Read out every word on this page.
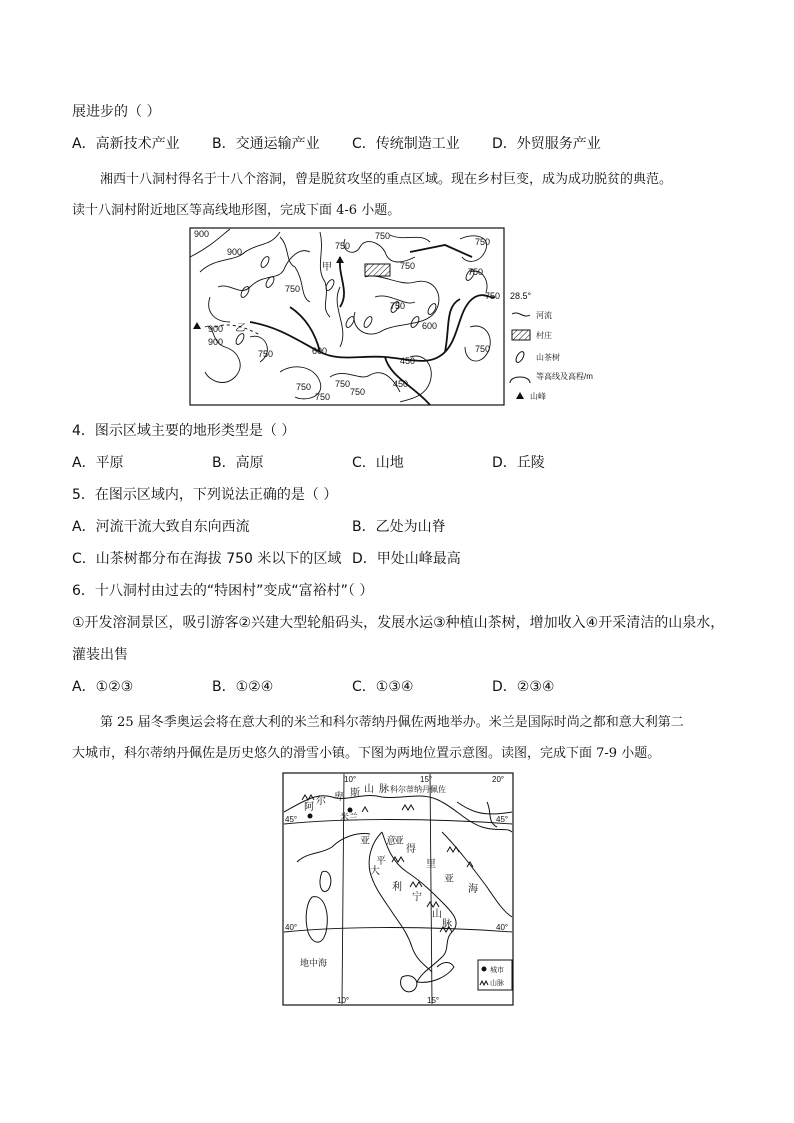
展进步的（ ）
A．高新技术产业 B．交通运输产业 C．传统制造工业 D．外贸服务产业
湘西十八洞村得名于十八个溶洞，曾是脱贫攻坚的重点区域。现在乡村巨变，成为成功脱贫的典范。
读十八洞村附近地区等高线地形图，完成下面 4-6 小题。
900
900
900
750
750
750
750
750
750
750
750
600
600
450
450
750
750	750
750
750
900
750
甲
乙
28.5°
河流
村庄
山茶树
等高线及高程/m
山峰
4．图示区域主要的地形类型是（ ）
A．平原	B．高原	C．山地	D．丘陵
5．在图示区域内，下列说法正确的是（ ）
A．河流干流大致自东向西流	B．乙处为山脊
C．山茶树都分布在海拔 750 米以下的区域 D．甲处山峰最高
6．十八洞村由过去的“特困村”变成“富裕村”（ ）
①开发溶洞景区，吸引游客②兴建大型轮船码头，发展水运③种植山茶树，增加收入④开采清洁的山泉水，
灌装出售
A．①②③	B．①②④	C．①③④	D．②③④
第 25 届冬季奥运会将在意大利的米兰和科尔蒂纳丹佩佐两地举办。米兰是国际时尚之都和意大利第二
大城市，科尔蒂纳丹佩佐是历史悠久的滑雪小镇。下图为两地位置示意图。读图，完成下面 7-9 小题。
10°	15°	20°
10°	15°
45°	45°
40°	40°
阿
尔 卑 斯 山 脉 科尔蒂纳丹佩佐
米兰
意
大
利
亚
得
里
亚
海
亚
平
宁
山
脉
地中海
城市
山脉
